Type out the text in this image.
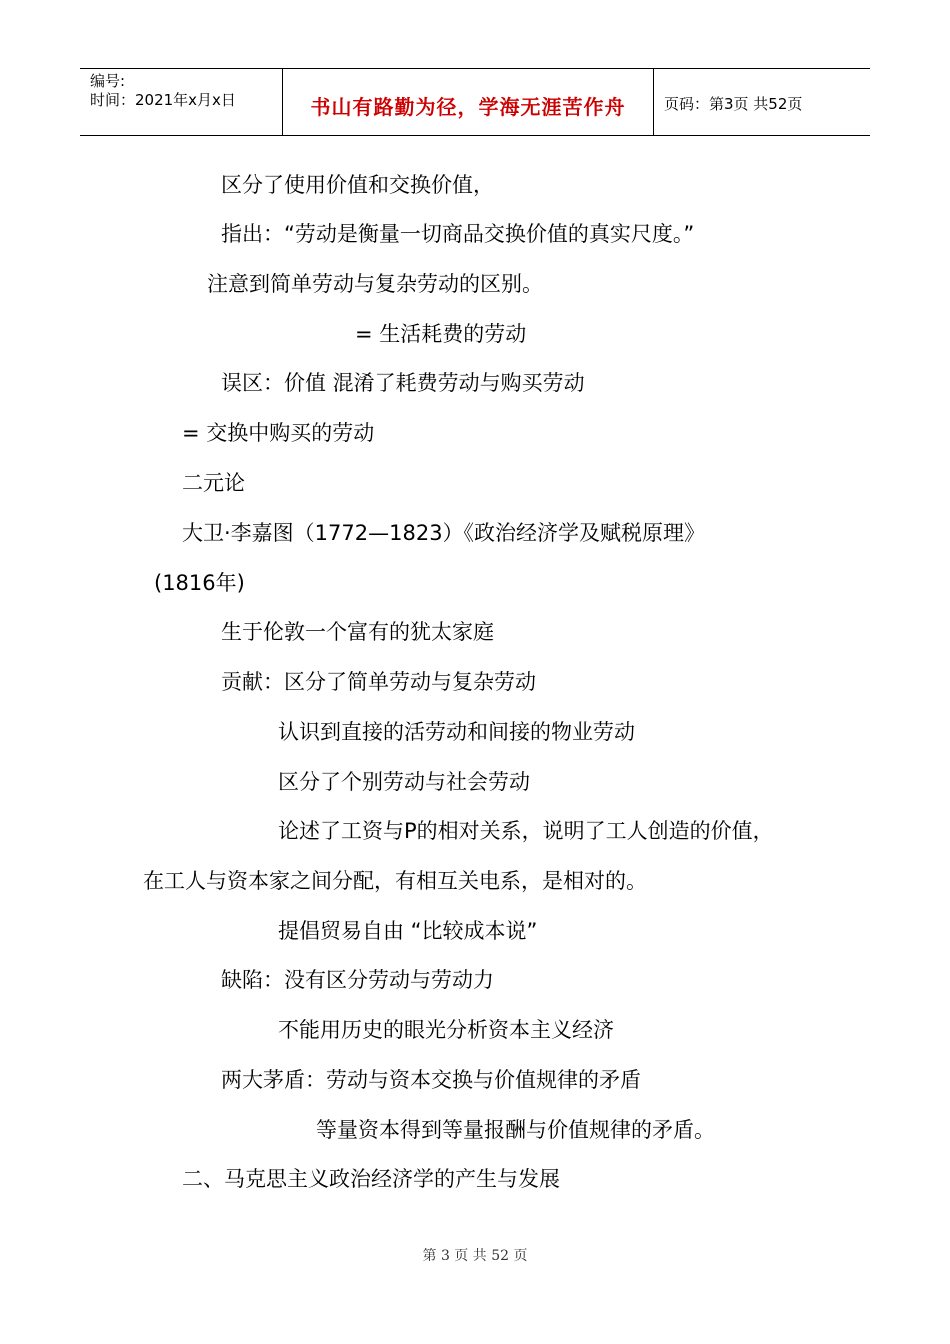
编号:
时间：2021年x月x日	书山有路勤为径，学海无涯苦作舟	页码：第3页 共52页
区分了使用价值和交换价值，
指出：“劳动是衡量一切商品交换价值的真实尺度。”
注意到简单劳动与复杂劳动的区别。
= 生活耗费的劳动
误区：价值 混淆了耗费劳动与购买劳动
= 交换中购买的劳动
二元论
大卫·李嘉图（1772—1823）《政治经济学及赋税原理》
(1816年)
生于伦敦一个富有的犹太家庭
贡献：区分了简单劳动与复杂劳动
认识到直接的活劳动和间接的物业劳动
区分了个别劳动与社会劳动
论述了工资与P的相对关系，说明了工人创造的价值，
在工人与资本家之间分配，有相互关电系，是相对的。
提倡贸易自由 “比较成本说”
缺陷：没有区分劳动与劳动力
不能用历史的眼光分析资本主义经济
两大茅盾：劳动与资本交换与价值规律的矛盾
等量资本得到等量报酬与价值规律的矛盾。
二、马克思主义政治经济学的产生与发展
第 3 页 共 52 页
